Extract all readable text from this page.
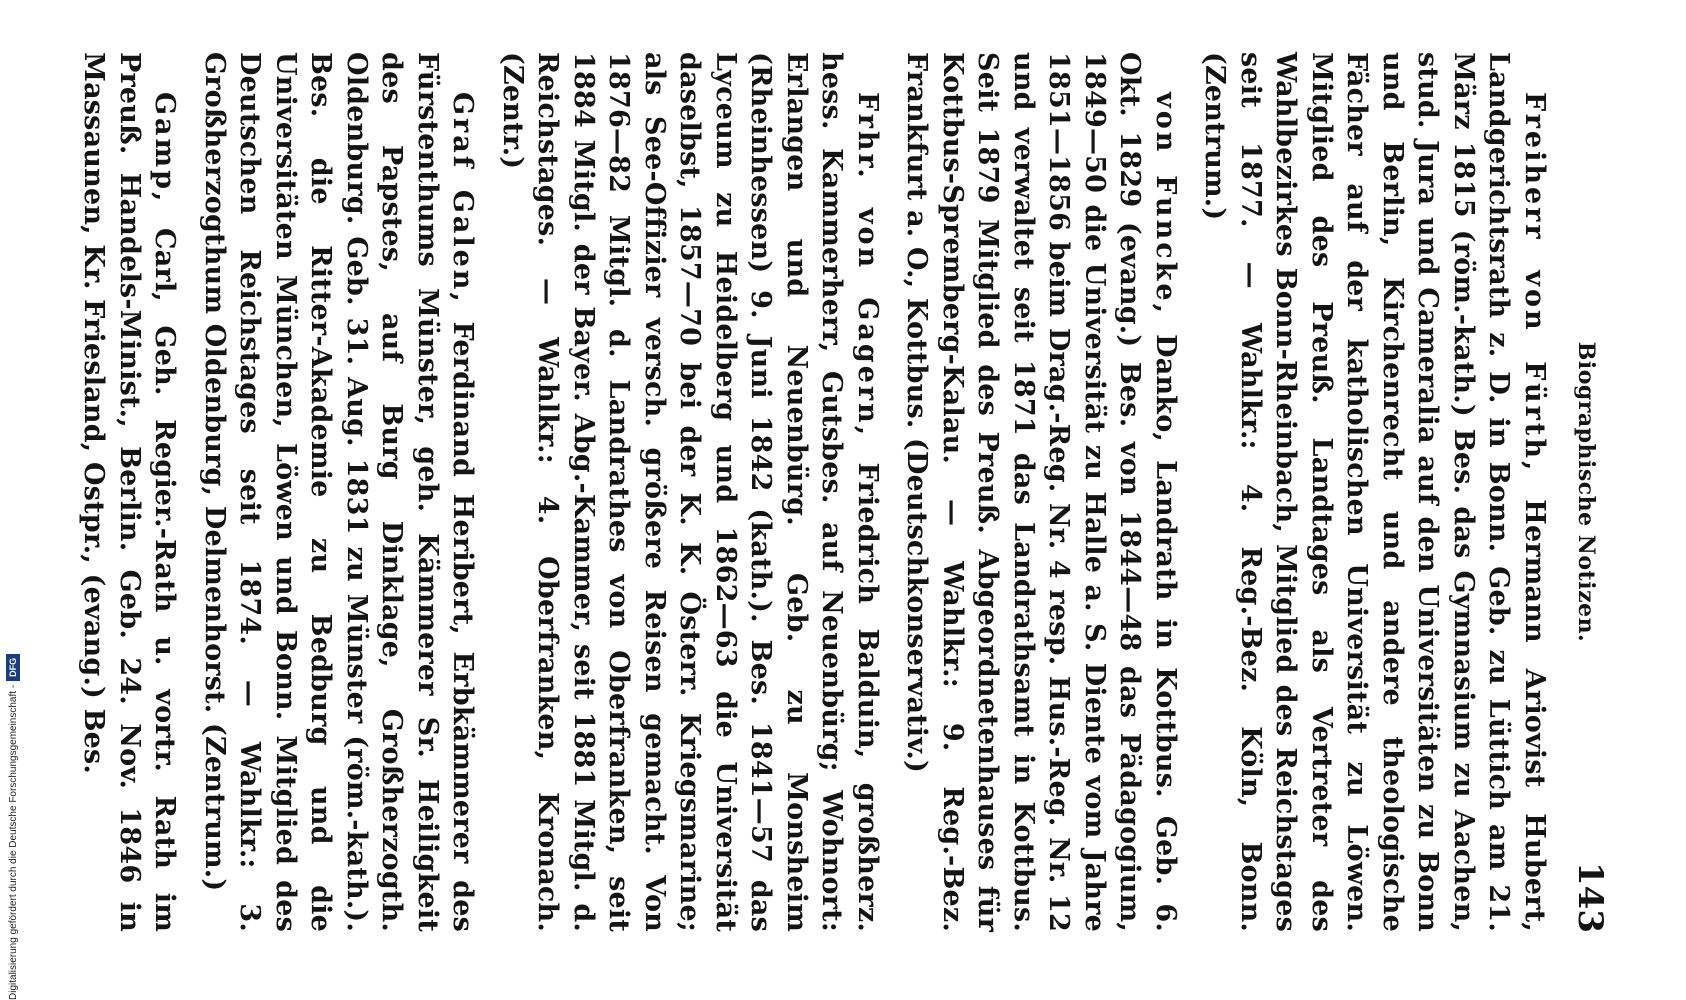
Digitalisierung gefördert durch die Deutsche Forschungsgemeinschaft -
DFG
Biographische Notizen.
143

Freiherr von Fürth, Hermann Ariovist Hubert, Landgerichtsrath z. D. in Bonn. Geb. zu Lüttich am 21. März 1815 (röm.-kath.) Bes. das Gymnasium zu Aachen, stud. Jura und Cameralia auf den Universitäten zu Bonn und Berlin, Kirchenrecht und andere theologische Fächer auf der katholischen Universität zu Löwen. Mitglied des Preuß. Landtages als Vertreter des Wahlbezirkes Bonn-Rheinbach, Mitglied des Reichstages seit 1877. — Wahlkr.: 4. Reg.-Bez. Köln, Bonn. (Zentrum.)

von Funcke, Danko, Landrath in Kottbus. Geb. 6. Okt. 1829 (evang.) Bes. von 1844—48 das Pädagogium, 1849—50 die Universität zu Halle a. S. Diente vom Jahre 1851—1856 beim Drag.-Reg. Nr. 4 resp. Hus.-Reg. Nr. 12 und verwaltet seit 1871 das Landrathsamt in Kottbus. Seit 1879 Mitglied des Preuß. Abgeordnetenhauses für Kottbus-Spremberg-Kalau. — Wahlkr.: 9. Reg.-Bez. Frankfurt a. O., Kottbus. (Deutschkonservativ.)

Frhr. von Gagern, Friedrich Balduin, großherz. hess. Kammerherr, Gutsbes. auf Neuenbürg; Wohnort: Erlangen und Neuenbürg. Geb. zu Monsheim (Rheinhessen) 9. Juni 1842 (kath.). Bes. 1841—57 das Lyceum zu Heidelberg und 1862—63 die Universität daselbst, 1857—70 bei der K. K. Österr. Kriegsmarine; als See-Offizier versch. größere Reisen gemacht. Von 1876—82 Mitgl. d. Landrathes von Oberfranken, seit 1884 Mitgl. der Bayer. Abg.-Kammer, seit 1881 Mitgl. d. Reichstages. — Wahlkr.: 4. Oberfranken, Kronach. (Zentr.)

Graf Galen, Ferdinand Heribert, Erbkämmerer des Fürstenthums Münster, geh. Kämmerer Sr. Heiligkeit des Papstes, auf Burg Dinklage, Großherzogth. Oldenburg. Geb. 31. Aug. 1831 zu Münster (röm.-kath.). Bes. die Ritter-Akademie zu Bedburg und die Universitäten München, Löwen und Bonn. Mitglied des Deutschen Reichstages seit 1874. — Wahlkr.: 3. Großherzogthum Oldenburg, Delmenhorst. (Zentrum.)

Gamp, Carl, Geh. Regier.-Rath u. vortr. Rath im Preuß. Handels-Minist., Berlin. Geb. 24. Nov. 1846 in Massaunen, Kr. Friesland, Ostpr., (evang.) Bes.
